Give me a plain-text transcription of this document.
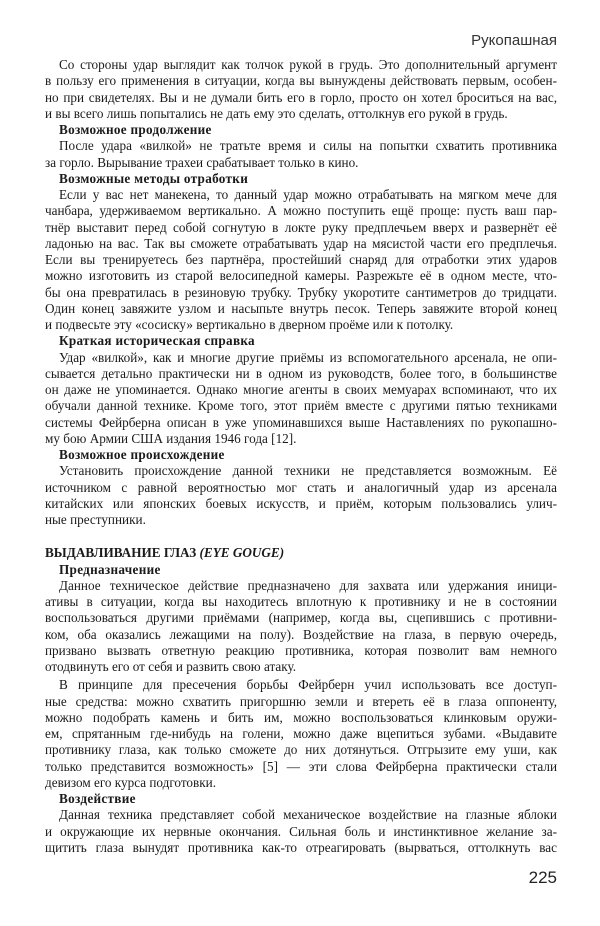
Рукопашная
Со стороны удар выглядит как толчок рукой в грудь. Это дополнительный аргумент
в пользу его применения в ситуации, когда вы вынуждены действовать первым, особен-
но при свидетелях. Вы и не думали бить его в горло, просто он хотел броситься на вас,
и вы всего лишь попытались не дать ему это сделать, оттолкнув его рукой в грудь.
Возможное продолжение
После удара «вилкой» не тратьте время и силы на попытки схватить противника
за горло. Вырывание трахеи срабатывает только в кино.
Возможные методы отработки
Если у вас нет манекена, то данный удар можно отрабатывать на мягком мече для
чанбара, удерживаемом вертикально. А можно поступить ещё проще: пусть ваш пар-
тнёр выставит перед собой согнутую в локте руку предплечьем вверх и развернёт её
ладонью на вас. Так вы сможете отрабатывать удар на мясистой части его предплечья.
Если вы тренируетесь без партнёра, простейший снаряд для отработки этих ударов
можно изготовить из старой велосипедной камеры. Разрежьте её в одном месте, что-
бы она превратилась в резиновую трубку. Трубку укоротите сантиметров до тридцати.
Один конец завяжите узлом и насыпьте внутрь песок. Теперь завяжите второй конец
и подвесьте эту «сосиску» вертикально в дверном проёме или к потолку.
Краткая историческая справка
Удар «вилкой», как и многие другие приёмы из вспомогательного арсенала, не опи-
сывается детально практически ни в одном из руководств, более того, в большинстве
он даже не упоминается. Однако многие агенты в своих мемуарах вспоминают, что их
обучали данной технике. Кроме того, этот приём вместе с другими пятью техниками
системы Фейрберна описан в уже упоминавшихся выше Наставлениях по рукопашно-
му бою Армии США издания 1946 года [12].
Возможное происхождение
Установить происхождение данной техники не представляется возможным. Её
источником с равной вероятностью мог стать и аналогичный удар из арсенала
китайских или японских боевых искусств, и приём, которым пользовались улич-
ные преступники.
ВЫДАВЛИВАНИЕ ГЛАЗ (EYE GOUGE)
Предназначение
Данное техническое действие предназначено для захвата или удержания иници-
ативы в ситуации, когда вы находитесь вплотную к противнику и не в состоянии
воспользоваться другими приёмами (например, когда вы, сцепившись с противни-
ком, оба оказались лежащими на полу). Воздействие на глаза, в первую очередь,
призвано вызвать ответную реакцию противника, которая позволит вам немного
отодвинуть его от себя и развить свою атаку.
В принципе для пресечения борьбы Фейрберн учил использовать все доступ-
ные средства: можно схватить пригоршню земли и втереть её в глаза оппоненту,
можно подобрать камень и бить им, можно воспользоваться клинковым оружи-
ем, спрятанным где-нибудь на голени, можно даже вцепиться зубами. «Выдавите
противнику глаза, как только сможете до них дотянуться. Отгрызите ему уши, как
только представится возможность» [5] — эти слова Фейрберна практически стали
девизом его курса подготовки.
Воздействие
Данная техника представляет собой механическое воздействие на глазные яблоки
и окружающие их нервные окончания. Сильная боль и инстинктивное желание за-
щитить глаза вынудят противника как-то отреагировать (вырваться, оттолкнуть вас
225
